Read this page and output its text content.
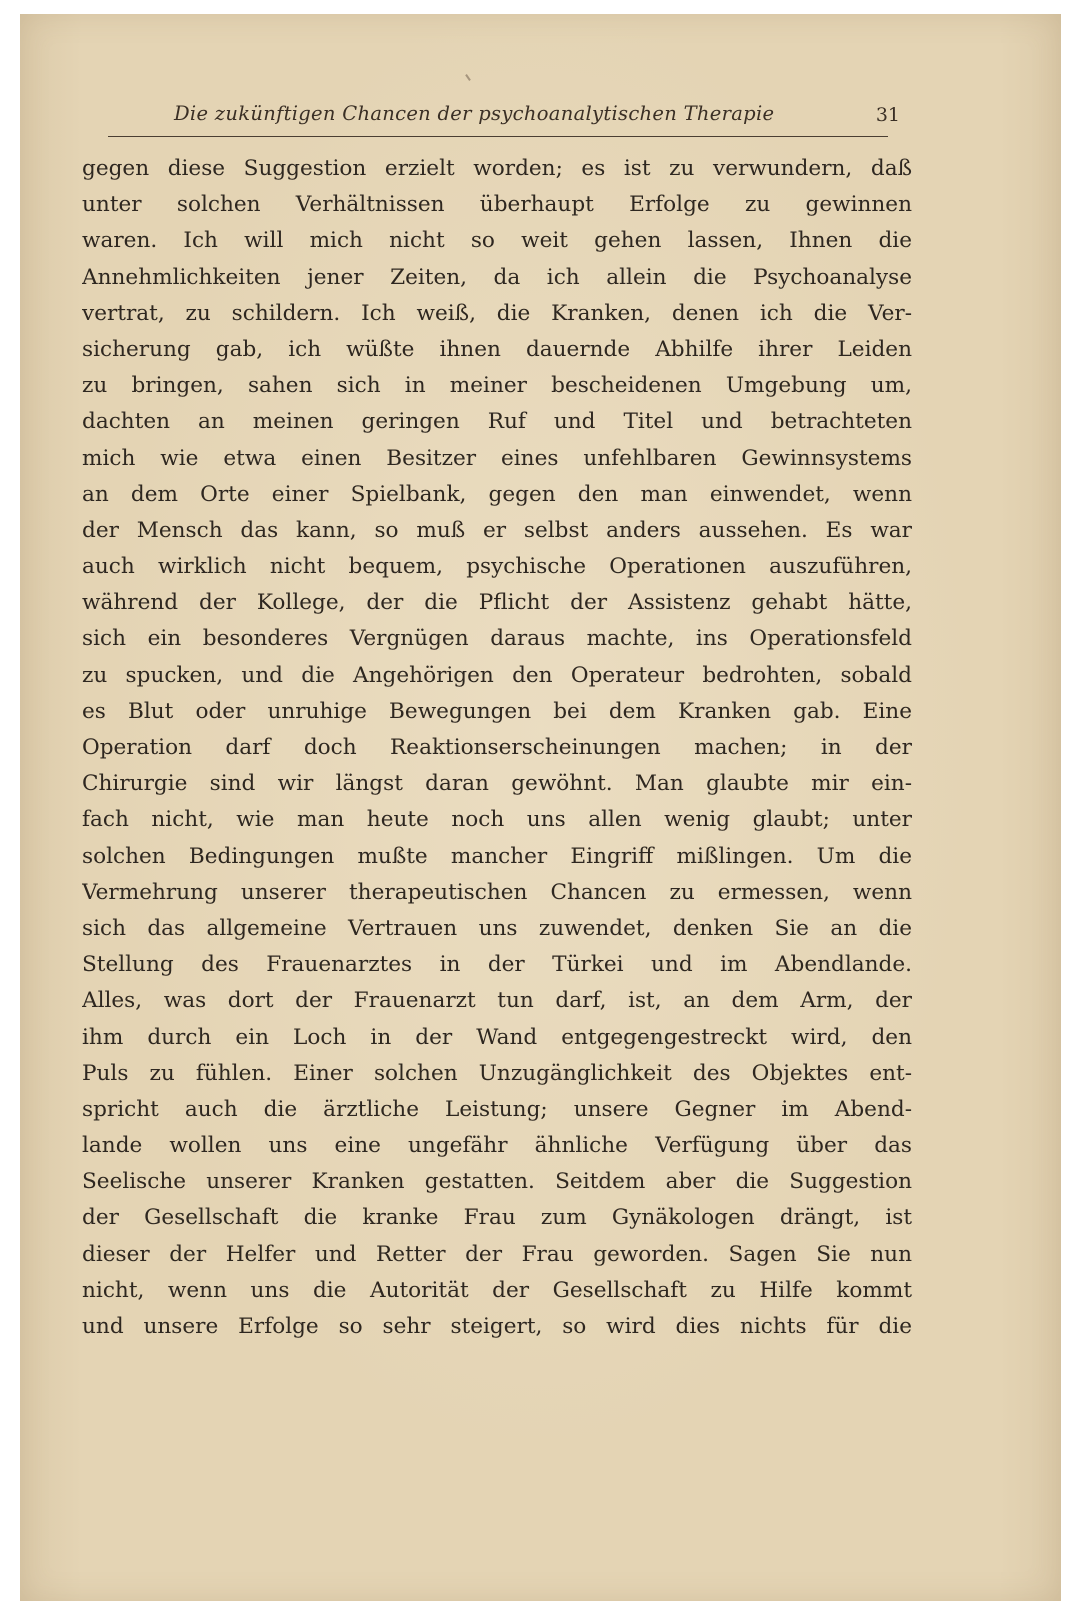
Die zukünftigen Chancen der psychoanalytischen Therapie	31
gegen diese Suggestion erzielt worden; es ist zu verwundern, daß
unter solchen Verhältnissen überhaupt Erfolge zu gewinnen
waren. Ich will mich nicht so weit gehen lassen, Ihnen die
Annehmlichkeiten jener Zeiten, da ich allein die Psychoanalyse
vertrat, zu schildern. Ich weiß, die Kranken, denen ich die Ver-
sicherung gab, ich wüßte ihnen dauernde Abhilfe ihrer Leiden
zu bringen, sahen sich in meiner bescheidenen Umgebung um,
dachten an meinen geringen Ruf und Titel und betrachteten
mich wie etwa einen Besitzer eines unfehlbaren Gewinnsystems
an dem Orte einer Spielbank, gegen den man einwendet, wenn
der Mensch das kann, so muß er selbst anders aussehen. Es war
auch wirklich nicht bequem, psychische Operationen auszuführen,
während der Kollege, der die Pflicht der Assistenz gehabt hätte,
sich ein besonderes Vergnügen daraus machte, ins Operationsfeld
zu spucken, und die Angehörigen den Operateur bedrohten, sobald
es Blut oder unruhige Bewegungen bei dem Kranken gab. Eine
Operation darf doch Reaktionserscheinungen machen; in der
Chirurgie sind wir längst daran gewöhnt. Man glaubte mir ein-
fach nicht, wie man heute noch uns allen wenig glaubt; unter
solchen Bedingungen mußte mancher Eingriff mißlingen. Um die
Vermehrung unserer therapeutischen Chancen zu ermessen, wenn
sich das allgemeine Vertrauen uns zuwendet, denken Sie an die
Stellung des Frauenarztes in der Türkei und im Abendlande.
Alles, was dort der Frauenarzt tun darf, ist, an dem Arm, der
ihm durch ein Loch in der Wand entgegengestreckt wird, den
Puls zu fühlen. Einer solchen Unzugänglichkeit des Objektes ent-
spricht auch die ärztliche Leistung; unsere Gegner im Abend-
lande wollen uns eine ungefähr ähnliche Verfügung über das
Seelische unserer Kranken gestatten. Seitdem aber die Suggestion
der Gesellschaft die kranke Frau zum Gynäkologen drängt, ist
dieser der Helfer und Retter der Frau geworden. Sagen Sie nun
nicht, wenn uns die Autorität der Gesellschaft zu Hilfe kommt
und unsere Erfolge so sehr steigert, so wird dies nichts für die
